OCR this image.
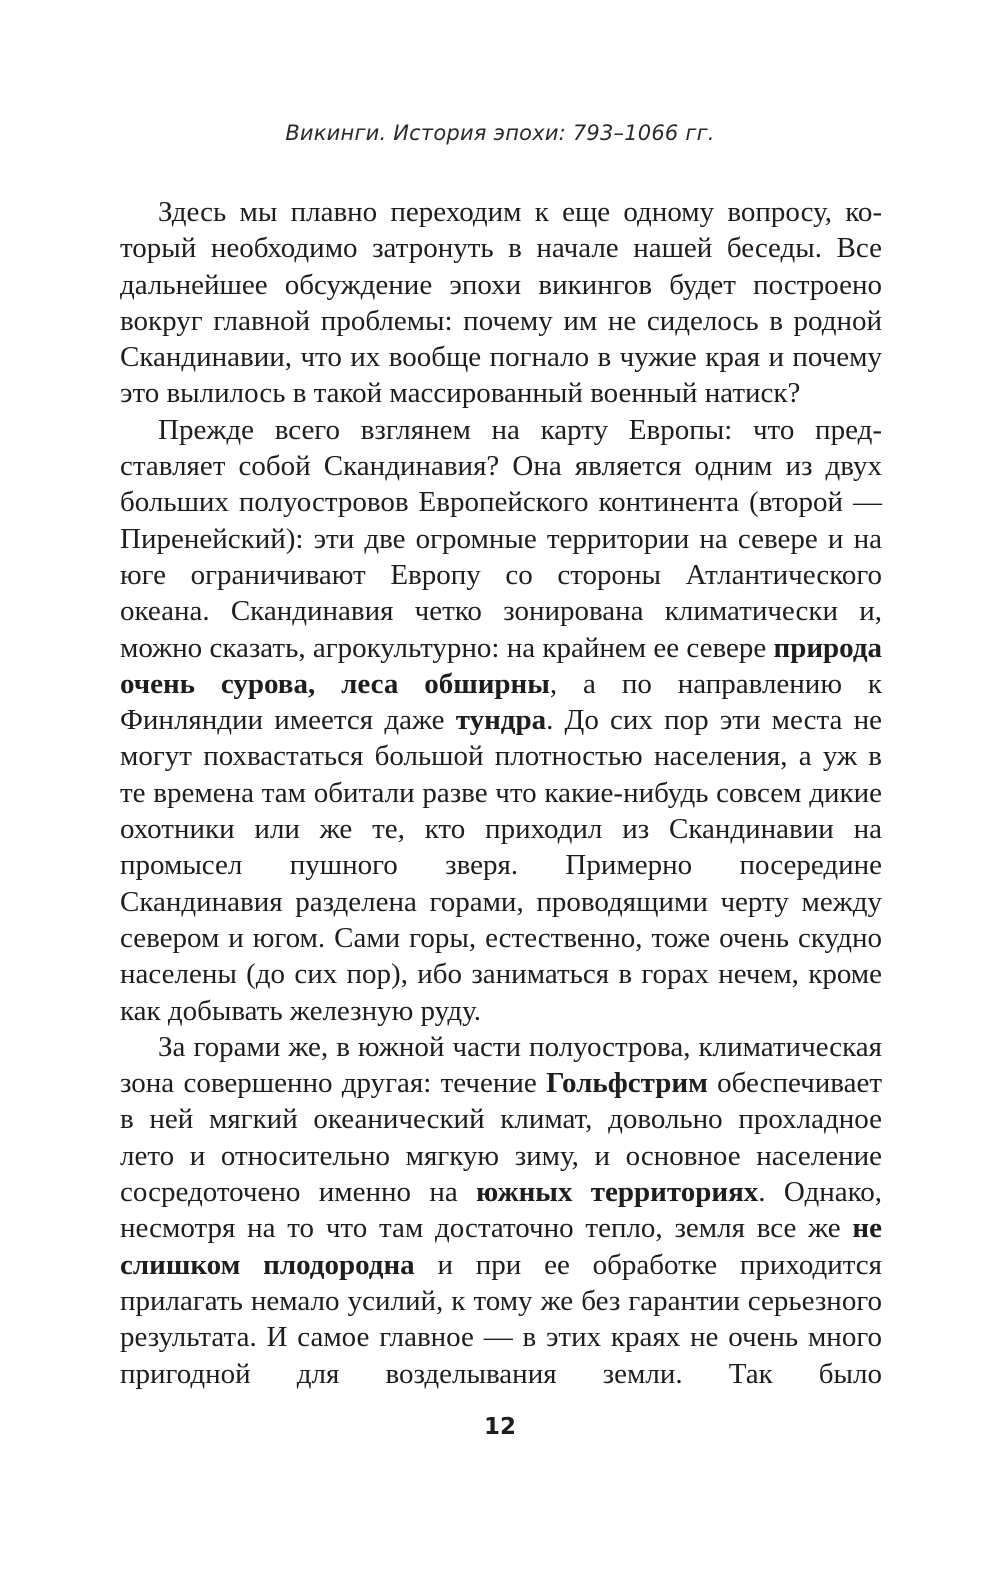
Викинги. История эпохи: 793–1066 гг.

Здесь мы плавно переходим к еще одному вопросу, который необходимо затронуть в начале нашей беседы. Все дальнейшее обсуждение эпохи викингов будет построено вокруг главной проблемы: почему им не сиделось в родной Скандинавии, что их вообще погнало в чужие края и почему это вылилось в такой массированный военный натиск?

Прежде всего взглянем на карту Европы: что представляет собой Скандинавия? Она является одним из двух больших полуостровов Европейского континента (второй — Пиренейский): эти две огромные территории на севере и на юге ограничивают Европу со стороны Атлантического океана. Скандинавия четко зонирована климатически и, можно сказать, агрокультурно: на крайнем ее севере природа очень сурова, леса обширны, а по направлению к Финляндии имеется даже тундра. До сих пор эти места не могут похвастаться большой плотностью населения, а уж в те времена там обитали разве что какие-нибудь совсем дикие охотники или же те, кто приходил из Скандинавии на промысел пушного зверя. Примерно посередине Скандинавия разделена горами, проводящими черту между севером и югом. Сами горы, естественно, тоже очень скудно населены (до сих пор), ибо заниматься в горах нечем, кроме как добывать железную руду.

За горами же, в южной части полуострова, климатическая зона совершенно другая: течение Гольфстрим обеспечивает в ней мягкий океанический климат, довольно прохладное лето и относительно мягкую зиму, и основное население сосредоточено именно на южных территориях. Однако, несмотря на то что там достаточно тепло, земля все же не слишком плодородна и при ее обработке приходится прилагать немало усилий, к тому же без гарантии серьезного результата. И самое главное — в этих краях не очень много пригодной для возделывания земли. Так было

12
